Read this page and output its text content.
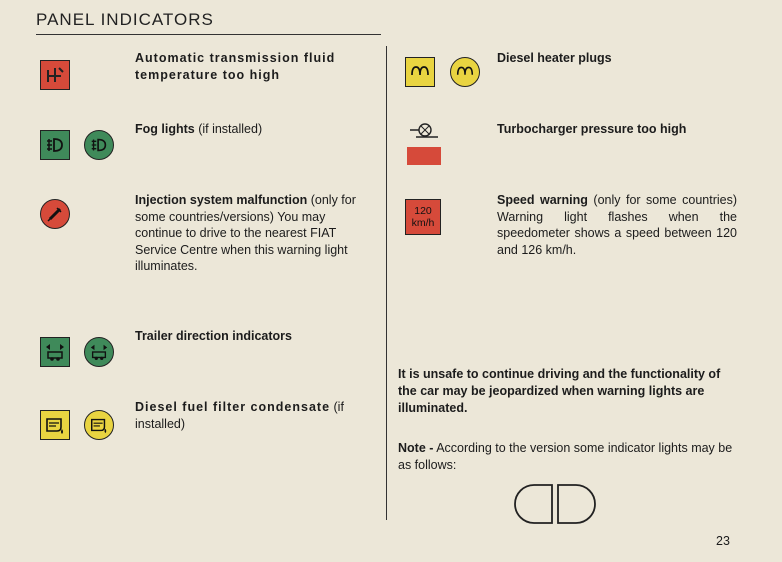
PANEL INDICATORS
Automatic transmission fluid temperature too high
Fog lights (if installed)
Injection system malfunction (only for some countries/versions) You may continue to drive to the nearest FIAT Service Centre when this warning light illuminates.
Trailer direction indicators
Diesel fuel filter condensate (if installed)
Diesel heater plugs
Turbocharger pressure too high
120
km/h
Speed warning (only for some countries) Warning light flashes when the speedometer shows a speed between 120 and 126 km/h.
It is unsafe to continue driving and the functionality of the car may be jeopardized when warning lights are illuminated.
Note - According to the version some indicator lights may be as follows:
23
